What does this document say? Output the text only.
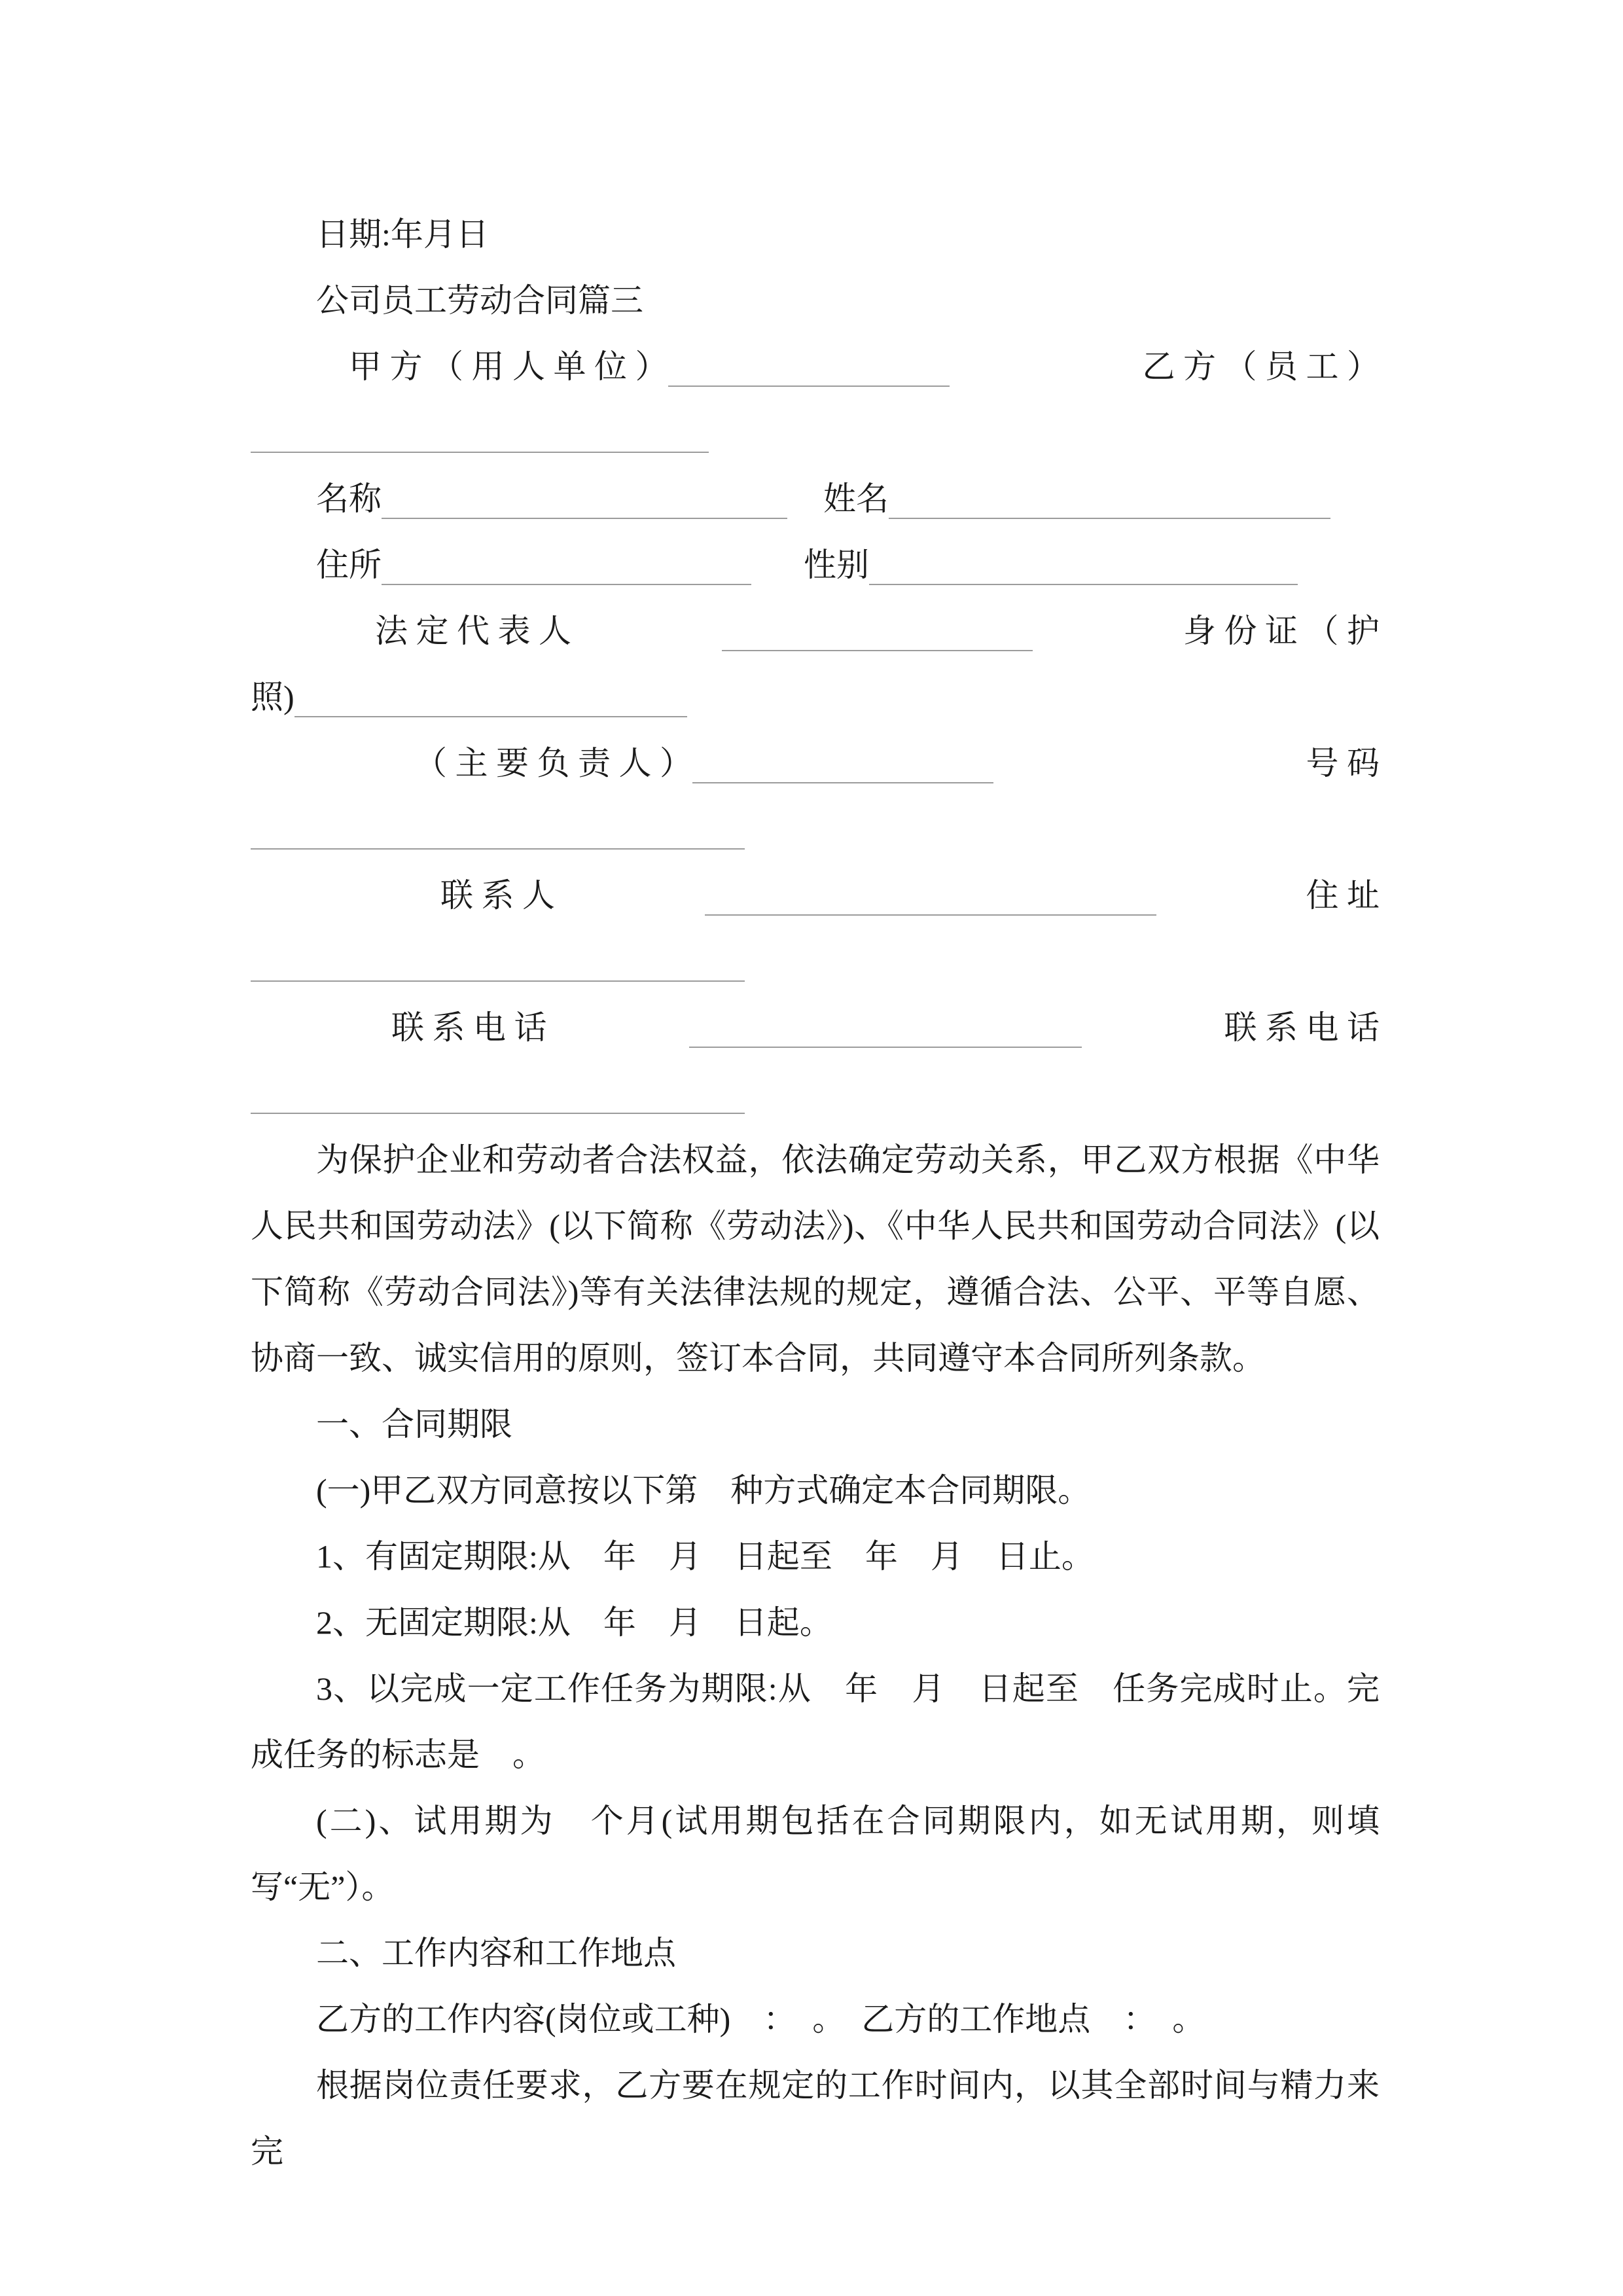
日期:年月日
公司员工劳动合同篇三
甲 方 （ 用 人 单 位 ）	乙 方 （ 员 工 ）
名称	姓名
住所	性别
法 定 代 表 人	身 份 证 （ 护
照)
（ 主 要 负 责 人 ）	号 码
联 系 人	住 址
联 系 电 话	联 系 电 话
为保护企业和劳动者合法权益，依法确定劳动关系，甲乙双方根据《中华人民共和国劳动法》(以下简称《劳动法》)、《中华人民共和国劳动合同法》(以下简称《劳动合同法》)等有关法律法规的规定，遵循合法、公平、平等自愿、协商一致、诚实信用的原则，签订本合同，共同遵守本合同所列条款。
一、合同期限
(一)甲乙双方同意按以下第　种方式确定本合同期限。
1、有固定期限:从　年　月　日起至　年　月　日止。
2、无固定期限:从　年　月　日起。
3、以完成一定工作任务为期限:从　年　月　日起至　任务完成时止。完成任务的标志是　。
(二)、试用期为　个月(试用期包括在合同期限内，如无试用期，则填写“无”）。
二、工作内容和工作地点
乙方的工作内容(岗位或工种)　：　。　乙方的工作地点　：　。
根据岗位责任要求，乙方要在规定的工作时间内，以其全部时间与精力来完
